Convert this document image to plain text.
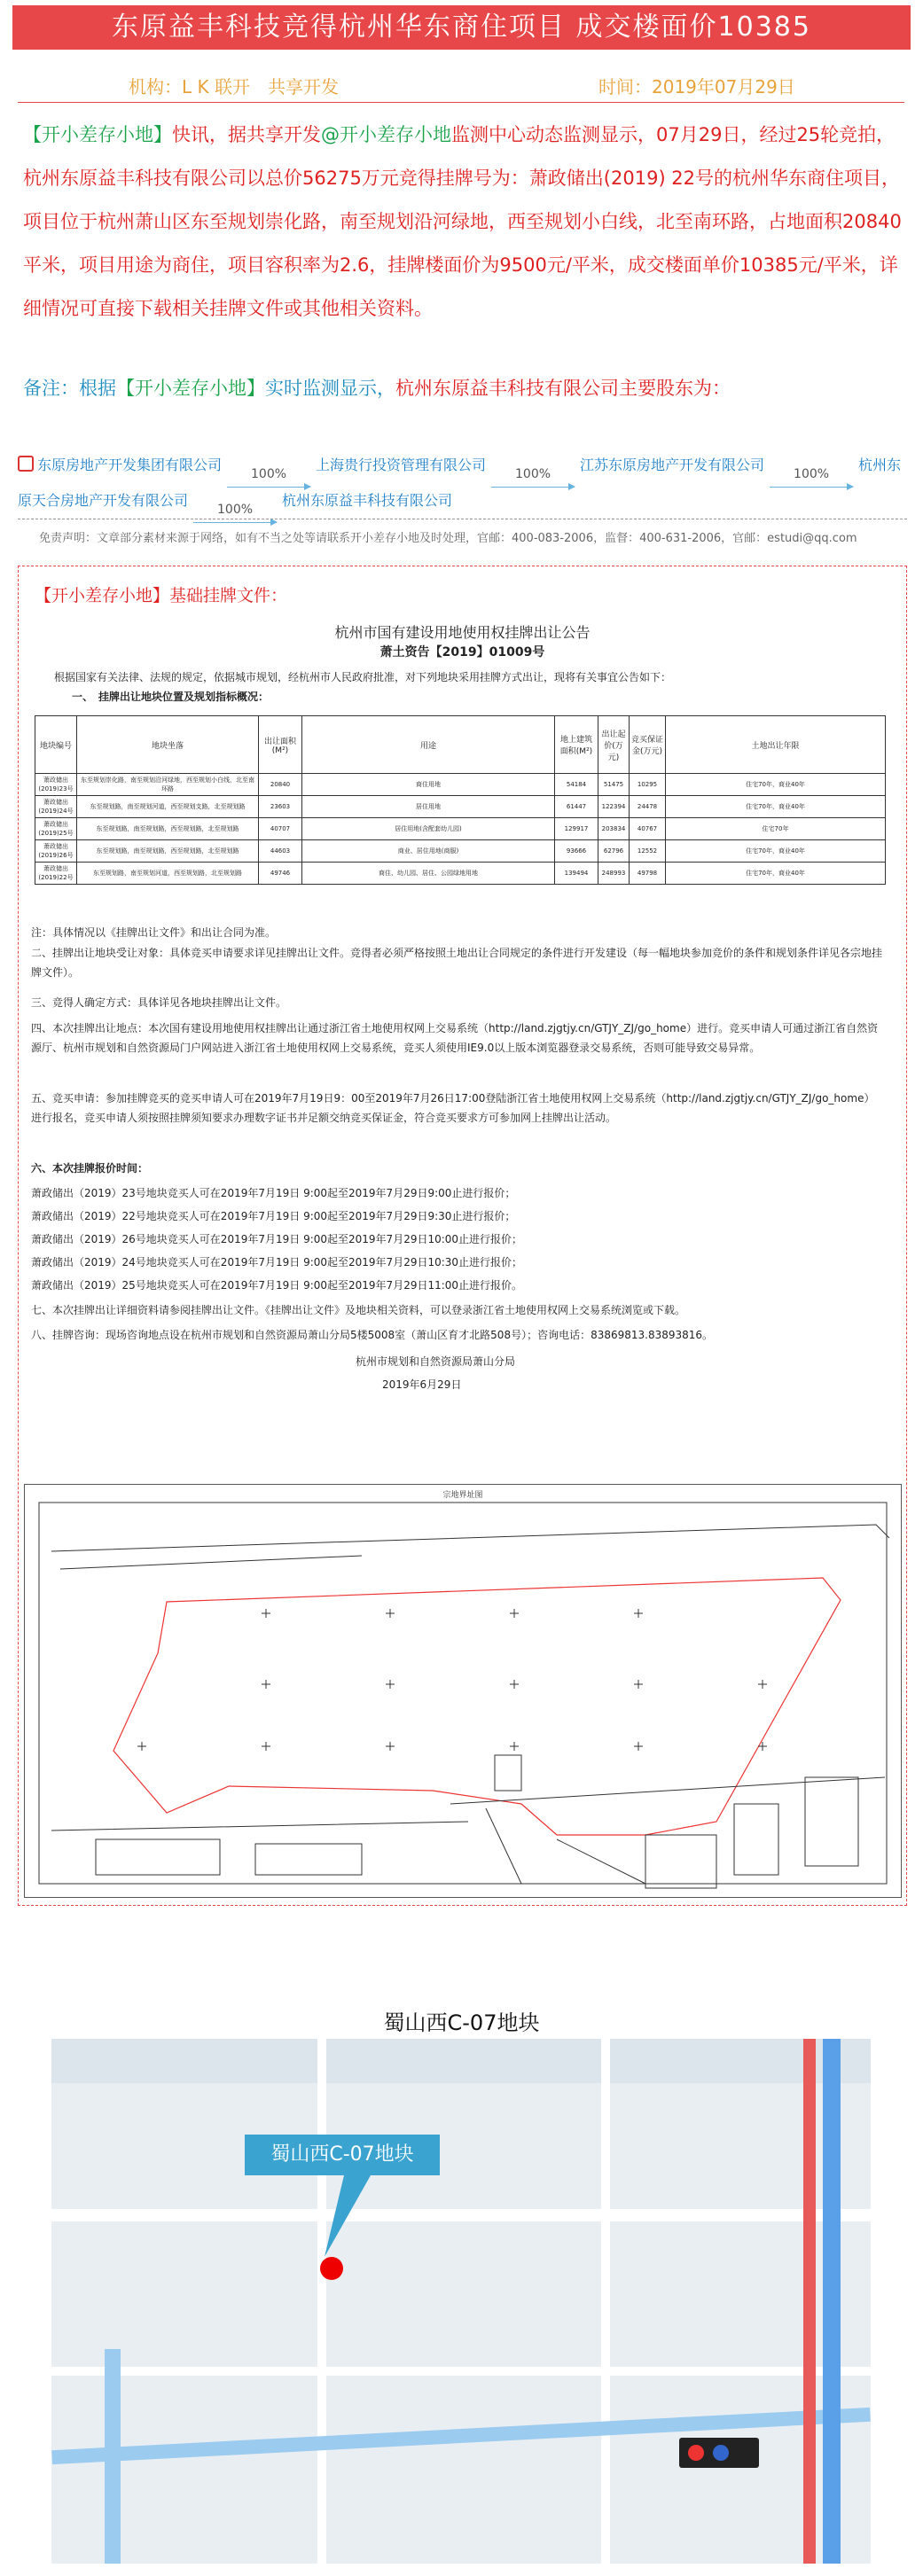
东原益丰科技竞得杭州华东商住项目 成交楼面价10385
机构：L K 联开　共享开发	时间：2019年07月29日
【开小差存小地】快讯，据共享开发@开小差存小地监测中心动态监测显示，07月29日，经过25轮竞拍，杭州东原益丰科技有限公司以总价56275万元竞得挂牌号为：萧政储出(2019) 22号的杭州华东商住项目，项目位于杭州萧山区东至规划崇化路，南至规划沿河绿地，西至规划小白线，北至南环路，占地面积20840平米，项目用途为商住，项目容积率为2.6，挂牌楼面价为9500元/平米，成交楼面单价10385元/平米，详细情况可直接下载相关挂牌文件或其他相关资料。
备注：根据【开小差存小地】实时监测显示，杭州东原益丰科技有限公司主要股东为：
东原房地产开发集团有限公司
100%
上海贵行投资管理有限公司
100%
江苏东原房地产开发有限公司
100%
杭州东原天合房地产开发有限公司
100%
杭州东原益丰科技有限公司
免责声明：文章部分素材来源于网络，如有不当之处等请联系开小差存小地及时处理，官邮：400-083-2006，监督：400-631-2006，官邮：estudi@qq.com
【开小差存小地】基础挂牌文件：
杭州市国有建设用地使用权挂牌出让公告
萧土资告【2019】01009号
根据国家有关法律、法规的规定，依据城市规划，经杭州市人民政府批准，对下列地块采用挂牌方式出让，现将有关事宜公告如下：
一、　挂牌出让地块位置及规划指标概况：
地块编号	地块坐落	出让面积(M²)	用途	地上建筑面积(M²)	出让起价(万元)	竞买保证金(万元)	土地出让年限
萧政储出(2019)23号	东至规划崇化路，南至规划沿河绿地，西至规划小白线，北至南环路	20840	商住用地	54184	51475	10295	住宅70年，商业40年
萧政储出(2019)24号	东至规划路，南至规划河道，西至规划支路，北至规划路	23603	居住用地	61447	122394	24478	住宅70年，商业40年
萧政储出(2019)25号	东至规划路，南至规划路，西至规划路，北至规划路	40707	居住用地(含配套幼儿园)	129917	203834	40767	住宅70年
萧政储出(2019)26号	东至规划路，南至规划路，西至规划路，北至规划路	44603	商业、居住用地(商服)	93666	62796	12552	住宅70年，商业40年
萧政储出(2019)22号	东至规划路，南至规划河道，西至规划路，北至规划路	49746	商住、幼儿园、居住、公园绿地用地	139494	248993	49798	住宅70年，商业40年
注：具体情况以《挂牌出让文件》和出让合同为准。
二、挂牌出让地块受让对象：具体竞买申请要求详见挂牌出让文件。竞得者必须严格按照土地出让合同规定的条件进行开发建设（每一幅地块参加竞价的条件和规划条件详见各宗地挂牌文件）。
三、竞得人确定方式：具体详见各地块挂牌出让文件。
四、本次挂牌出让地点：本次国有建设用地使用权挂牌出让通过浙江省土地使用权网上交易系统（http://land.zjgtjy.cn/GTJY_ZJ/go_home）进行。竞买申请人可通过浙江省自然资源厅、杭州市规划和自然资源局门户网站进入浙江省土地使用权网上交易系统，竞买人须使用IE9.0以上版本浏览器登录交易系统，否则可能导致交易异常。
五、竞买申请：参加挂牌竞买的竞买申请人可在2019年7月19日9：00至2019年7月26日17:00登陆浙江省土地使用权网上交易系统（http://land.zjgtjy.cn/GTJY_ZJ/go_home）进行报名，竞买申请人须按照挂牌须知要求办理数字证书并足额交纳竞买保证金，符合竞买要求方可参加网上挂牌出让活动。
六、本次挂牌报价时间：
萧政储出（2019）23号地块竞买人可在2019年7月19日 9:00起至2019年7月29日9:00止进行报价；
萧政储出（2019）22号地块竞买人可在2019年7月19日 9:00起至2019年7月29日9:30止进行报价；
萧政储出（2019）26号地块竞买人可在2019年7月19日 9:00起至2019年7月29日10:00止进行报价；
萧政储出（2019）24号地块竞买人可在2019年7月19日 9:00起至2019年7月29日10:30止进行报价；
萧政储出（2019）25号地块竞买人可在2019年7月19日 9:00起至2019年7月29日11:00止进行报价。
七、本次挂牌出让详细资料请参阅挂牌出让文件。《挂牌出让文件》及地块相关资料，可以登录浙江省土地使用权网上交易系统浏览或下载。
八、挂牌咨询：现场咨询地点设在杭州市规划和自然资源局萧山分局5楼5008室（萧山区育才北路508号）；咨询电话：83869813.83893816。
杭州市规划和自然资源局萧山分局
2019年6月29日
宗地界址图
蜀山西C-07地块
蜀山西C-07地块
